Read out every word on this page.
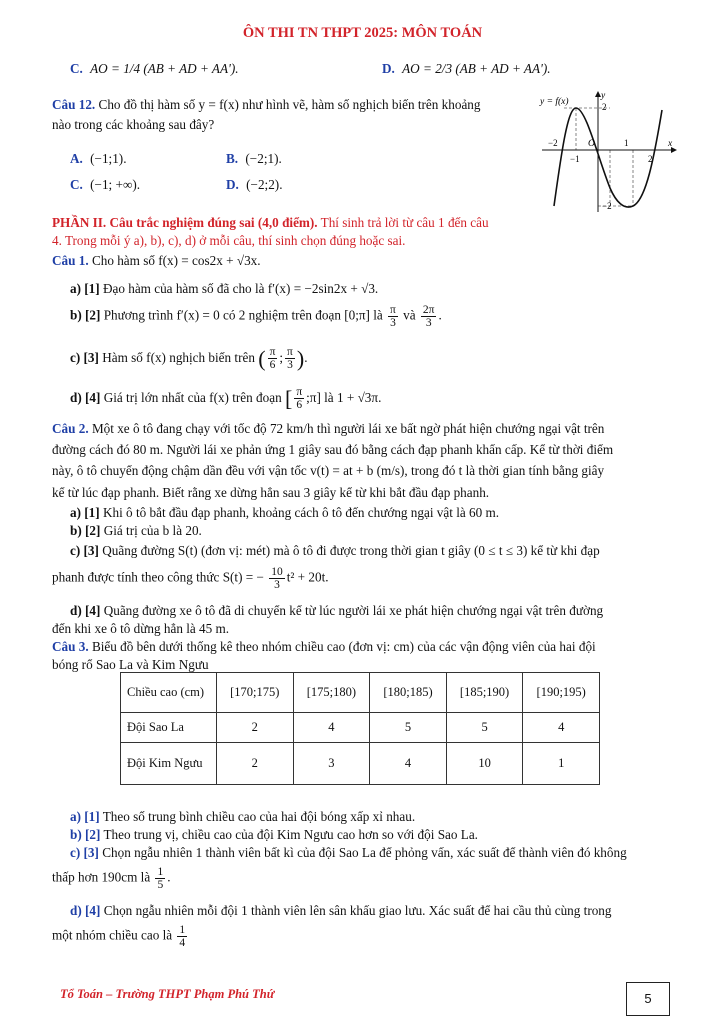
ÔN THI TN THPT 2025: MÔN TOÁN
C. AO = 1/4 (AB + AD + AA').	D. AO = 2/3 (AB + AD + AA').
Câu 12. Cho đồ thị hàm số y = f(x) như hình vẽ, hàm số nghịch biến trên khoảng
nào trong các khoảng sau đây?
A. (−1;1).	B. (−2;1).
C. (−1; +∞).	D. (−2;2).
y = f(x)
y
x
O
2
−2
−1
1
2
−2
PHẦN II. Câu trắc nghiệm đúng sai (4,0 điểm). Thí sinh trả lời từ câu 1 đến câu
4. Trong mỗi ý a), b), c), d) ở mỗi câu, thí sinh chọn đúng hoặc sai.
Câu 1. Cho hàm số f(x) = cos2x + √3x.
a) [1] Đạo hàm của hàm số đã cho là f′(x) = −2sin2x + √3.
b) [2] Phương trình f′(x) = 0 có 2 nghiệm trên đoạn [0;π] là $\frac{\pi}{3}$ và $\frac{2\pi}{3}$ .
c) [3] Hàm số f(x) nghịch biến trên ( $\frac{\pi}{6}$ ; $\frac{\pi}{3}$ ).
d) [4] Giá trị lớn nhất của f(x) trên đoạn [ $\frac{\pi}{6}$ ;π] là 1 + √3π.
Câu 2. Một xe ô tô đang chạy với tốc độ 72 km/h thì người lái xe bất ngờ phát hiện chướng ngại vật trên
đường cách đó 80 m. Người lái xe phản ứng 1 giây sau đó bằng cách đạp phanh khẩn cấp. Kể từ thời điểm
này, ô tô chuyển động chậm dần đều với vận tốc v(t) = at + b (m/s), trong đó t là thời gian tính bằng giây
kể từ lúc đạp phanh. Biết rằng xe dừng hẳn sau 3 giây kể từ khi bắt đầu đạp phanh.
a) [1] Khi ô tô bắt đầu đạp phanh, khoảng cách ô tô đến chướng ngại vật là 60 m.
b) [2] Giá trị của b là 20.
c) [3] Quãng đường S(t) (đơn vị: mét) mà ô tô đi được trong thời gian t giây (0 ≤ t ≤ 3) kể từ khi đạp
phanh được tính theo công thức S(t) = − $\frac{10}{3} t^2 + 20t$.
d) [4] Quãng đường xe ô tô đã di chuyển kể từ lúc người lái xe phát hiện chướng ngại vật trên đường
đến khi xe ô tô dừng hẳn là 45 m.
Câu 3. Biểu đồ bên dưới thống kê theo nhóm chiều cao (đơn vị: cm) của các vận động viên của hai đội
bóng rổ Sao La và Kim Ngưu
Chiều cao (cm)	[170;175)	[175;180)	[180;185)	[185;190)	[190;195)
Đội Sao La	2	4	5	5	4
Đội Kim Ngưu	2	3	4	10	1
a) [1] Theo số trung bình chiều cao của hai đội bóng xấp xỉ nhau.
b) [2] Theo trung vị, chiều cao của đội Kim Ngưu cao hơn so với đội Sao La.
c) [3] Chọn ngẫu nhiên 1 thành viên bất kì của đội Sao La để phỏng vấn, xác suất để thành viên đó không
thấp hơn 190cm là $\frac{1}{5}$ .
d) [4] Chọn ngẫu nhiên mỗi đội 1 thành viên lên sân khấu giao lưu. Xác suất để hai cầu thủ cùng trong
một nhóm chiều cao là $\frac{1}{4}$
Tổ Toán – Trường THPT Phạm Phú Thứ	5
